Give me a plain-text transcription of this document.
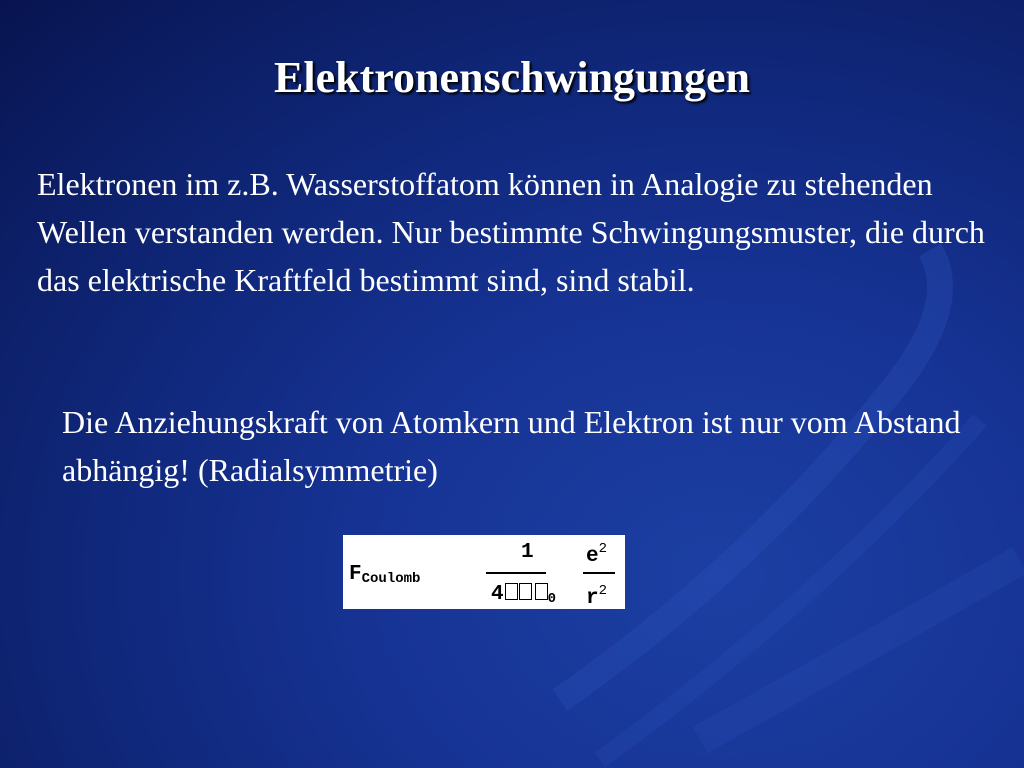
Elektronenschwingungen

Elektronen im z.B. Wasserstoffatom können in Analogie zu stehenden Wellen verstanden werden. Nur bestimmte Schwingungsmuster, die durch das elektrische Kraftfeld bestimmt sind, sind stabil.

Die Anziehungskraft von Atomkern und Elektron ist nur vom Abstand abhängig! (Radialsymmetrie)

FCoulomb
1
4	0
$e^2$
$r^2$
